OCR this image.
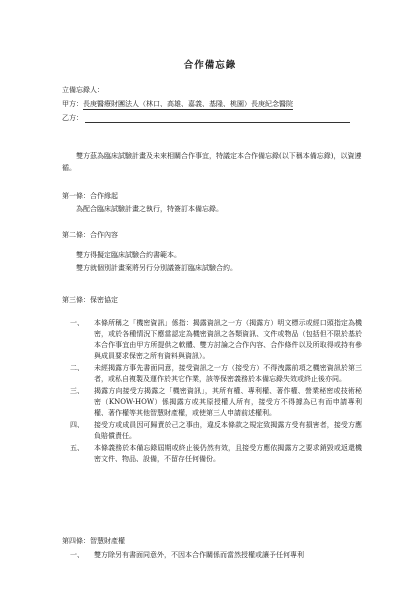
合作備忘錄
立備忘錄人：
甲方：長庚醫療財團法人（林口、高雄、嘉義、基隆、桃園）長庚紀念醫院
乙方：
雙方茲為臨床試驗計畫及未來相關合作事宜，特議定本合作備忘錄(以下稱本備忘錄)，以資遵循。
第一條：合作緣起
為配合臨床試驗計畫之執行，特簽訂本備忘錄。
第二條：合作內容
雙方得擬定臨床試驗合約書範本。
雙方就個別計畫案將另行分別議簽訂臨床試驗合約。
第三條：保密協定
一、 本條所稱之「機密資訊」係指：揭露資訊之一方（揭露方）明文標示或經口頭指定為機密，或於各種情況下應當認定為機密資訊之各類資訊、文件或物品（包括但不限於基於本合作事宜由甲方所提供之軟體、雙方討論之合作內容、合作條件以及所取得或持有參與成員要求保密之所有資料與資訊）。
二、 未經揭露方事先書面同意，接受資訊之一方（接受方）不得洩露前項之機密資訊於第三者，或私自複製及運作於其它作業，該等保密義務於本備忘錄失效或終止後亦同。
三、 揭露方向接受方揭露之「機密資訊」，其所有權、專利權、著作權、營業秘密或技術秘密（KNOW-HOW）係揭露方或其原授權人所有，接受方不得據為已有而申請專利權、著作權等其他智慧財產權，或使第三人申請前述權利。
四、 接受方或成員因可歸責於己之事由，違反本條款之規定致揭露方受有損害者，接受方應負賠償責任。
五、 本條義務於本備忘錄屆期或終止後仍然有效，且接受方應依揭露方之要求銷毀或返還機密文件、物品、設備，不留存任何備份。
第四條：智慧財產權
一、 雙方除另有書面同意外，不因本合作關係而當然授權或讓予任何專利
